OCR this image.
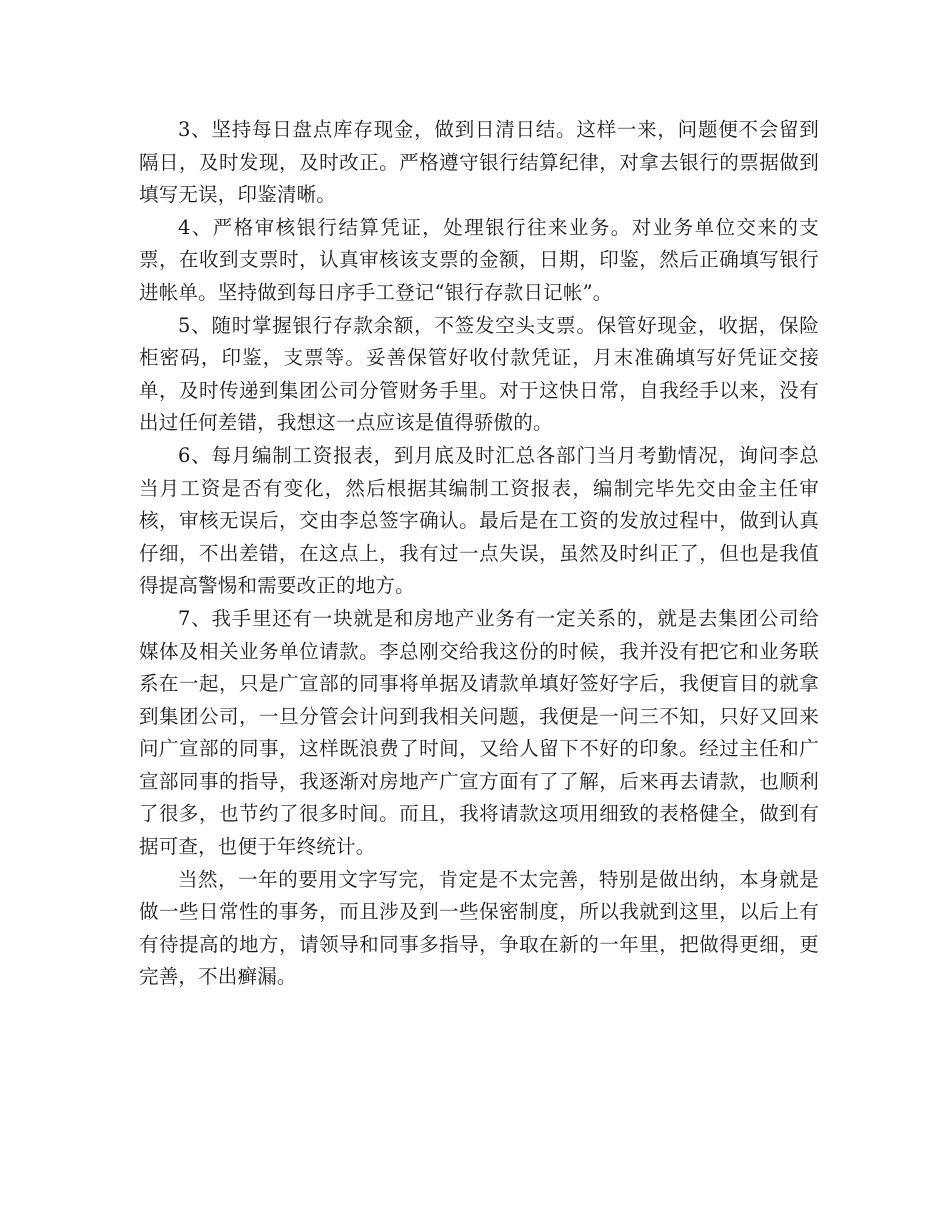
3、坚持每日盘点库存现金，做到日清日结。这样一来，问题便不会留到隔日，及时发现，及时改正。严格遵守银行结算纪律，对拿去银行的票据做到填写无误，印鉴清晰。

4、严格审核银行结算凭证，处理银行往来业务。对业务单位交来的支票，在收到支票时，认真审核该支票的金额，日期，印鉴，然后正确填写银行进帐单。坚持做到每日序手工登记“银行存款日记帐”。

5、随时掌握银行存款余额，不签发空头支票。保管好现金，收据，保险柜密码，印鉴，支票等。妥善保管好收付款凭证，月末准确填写好凭证交接单，及时传递到集团公司分管财务手里。对于这快日常，自我经手以来，没有出过任何差错，我想这一点应该是值得骄傲的。

6、每月编制工资报表，到月底及时汇总各部门当月考勤情况，询问李总当月工资是否有变化，然后根据其编制工资报表，编制完毕先交由金主任审核，审核无误后，交由李总签字确认。最后是在工资的发放过程中，做到认真仔细，不出差错，在这点上，我有过一点失误，虽然及时纠正了，但也是我值得提高警惕和需要改正的地方。

7、我手里还有一块就是和房地产业务有一定关系的，就是去集团公司给媒体及相关业务单位请款。李总刚交给我这份的时候，我并没有把它和业务联系在一起，只是广宣部的同事将单据及请款单填好签好字后，我便盲目的就拿到集团公司，一旦分管会计问到我相关问题，我便是一问三不知，只好又回来问广宣部的同事，这样既浪费了时间，又给人留下不好的印象。经过主任和广宣部同事的指导，我逐渐对房地产广宣方面有了了解，后来再去请款，也顺利了很多，也节约了很多时间。而且，我将请款这项用细致的表格健全，做到有据可查，也便于年终统计。

当然，一年的要用文字写完，肯定是不太完善，特别是做出纳，本身就是做一些日常性的事务，而且涉及到一些保密制度，所以我就到这里，以后上有有待提高的地方，请领导和同事多指导，争取在新的一年里，把做得更细，更完善，不出癣漏。
